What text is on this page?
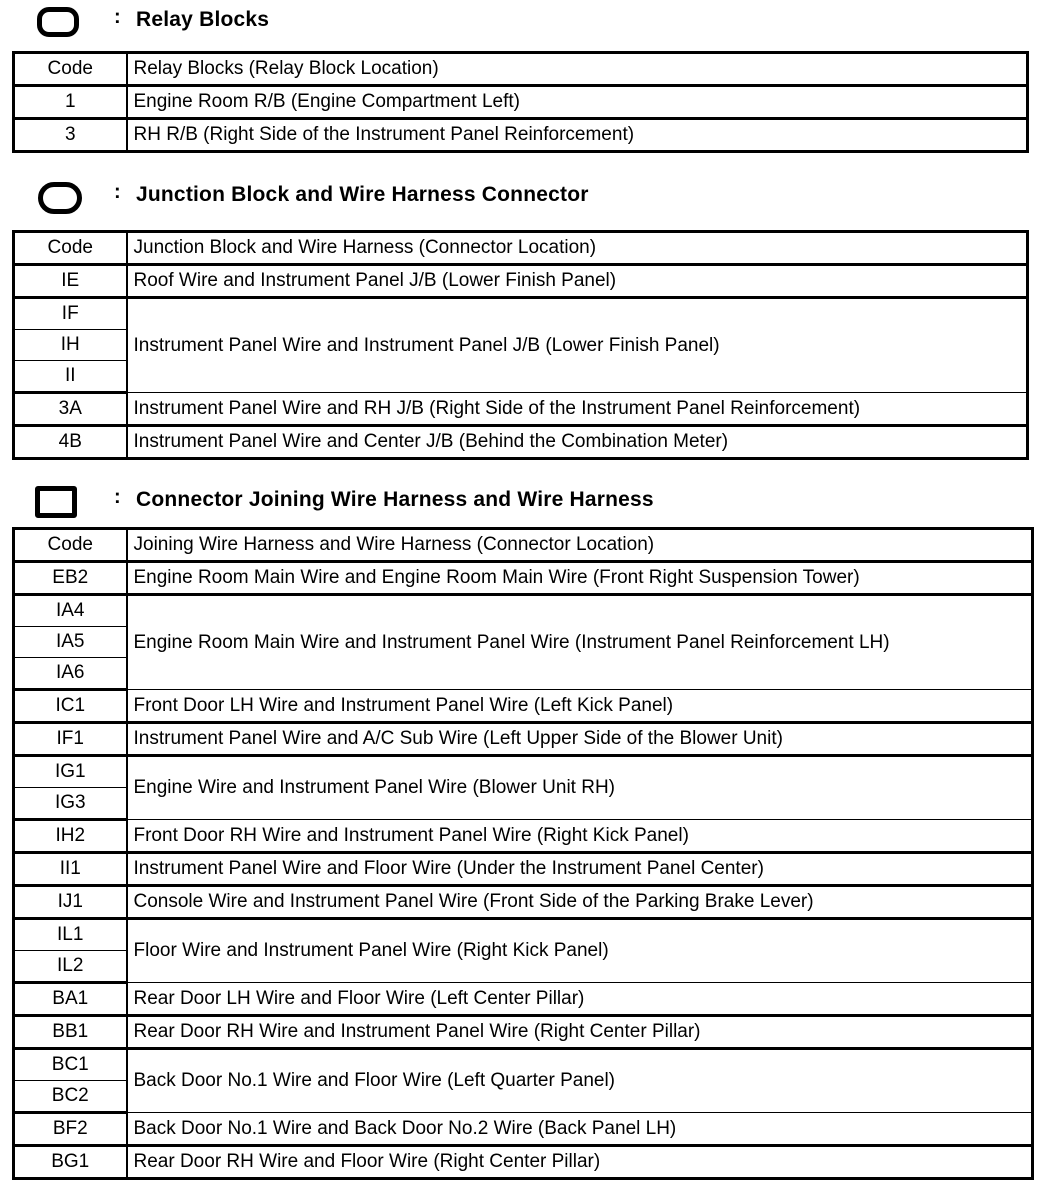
: Relay Blocks
Code	Relay Blocks (Relay Block Location)
1	Engine Room R/B (Engine Compartment Left)
3	RH R/B (Right Side of the Instrument Panel Reinforcement)
: Junction Block and Wire Harness Connector
Code	Junction Block and Wire Harness (Connector Location)
IE	Roof Wire and Instrument Panel J/B (Lower Finish Panel)
IF	Instrument Panel Wire and Instrument Panel J/B (Lower Finish Panel)
IH	
II	
3A	Instrument Panel Wire and RH J/B (Right Side of the Instrument Panel Reinforcement)
4B	Instrument Panel Wire and Center J/B (Behind the Combination Meter)
: Connector Joining Wire Harness and Wire Harness
Code	Joining Wire Harness and Wire Harness (Connector Location)
EB2	Engine Room Main Wire and Engine Room Main Wire (Front Right Suspension Tower)
IA4	Engine Room Main Wire and Instrument Panel Wire (Instrument Panel Reinforcement LH)
IA5	
IA6	
IC1	Front Door LH Wire and Instrument Panel Wire (Left Kick Panel)
IF1	Instrument Panel Wire and A/C Sub Wire (Left Upper Side of the Blower Unit)
IG1	Engine Wire and Instrument Panel Wire (Blower Unit RH)
IG3	
IH2	Front Door RH Wire and Instrument Panel Wire (Right Kick Panel)
II1	Instrument Panel Wire and Floor Wire (Under the Instrument Panel Center)
IJ1	Console Wire and Instrument Panel Wire (Front Side of the Parking Brake Lever)
IL1	Floor Wire and Instrument Panel Wire (Right Kick Panel)
IL2	
BA1	Rear Door LH Wire and Floor Wire (Left Center Pillar)
BB1	Rear Door RH Wire and Instrument Panel Wire (Right Center Pillar)
BC1	Back Door No.1 Wire and Floor Wire (Left Quarter Panel)
BC2	
BF2	Back Door No.1 Wire and Back Door No.2 Wire (Back Panel LH)
BG1	Rear Door RH Wire and Floor Wire (Right Center Pillar)
